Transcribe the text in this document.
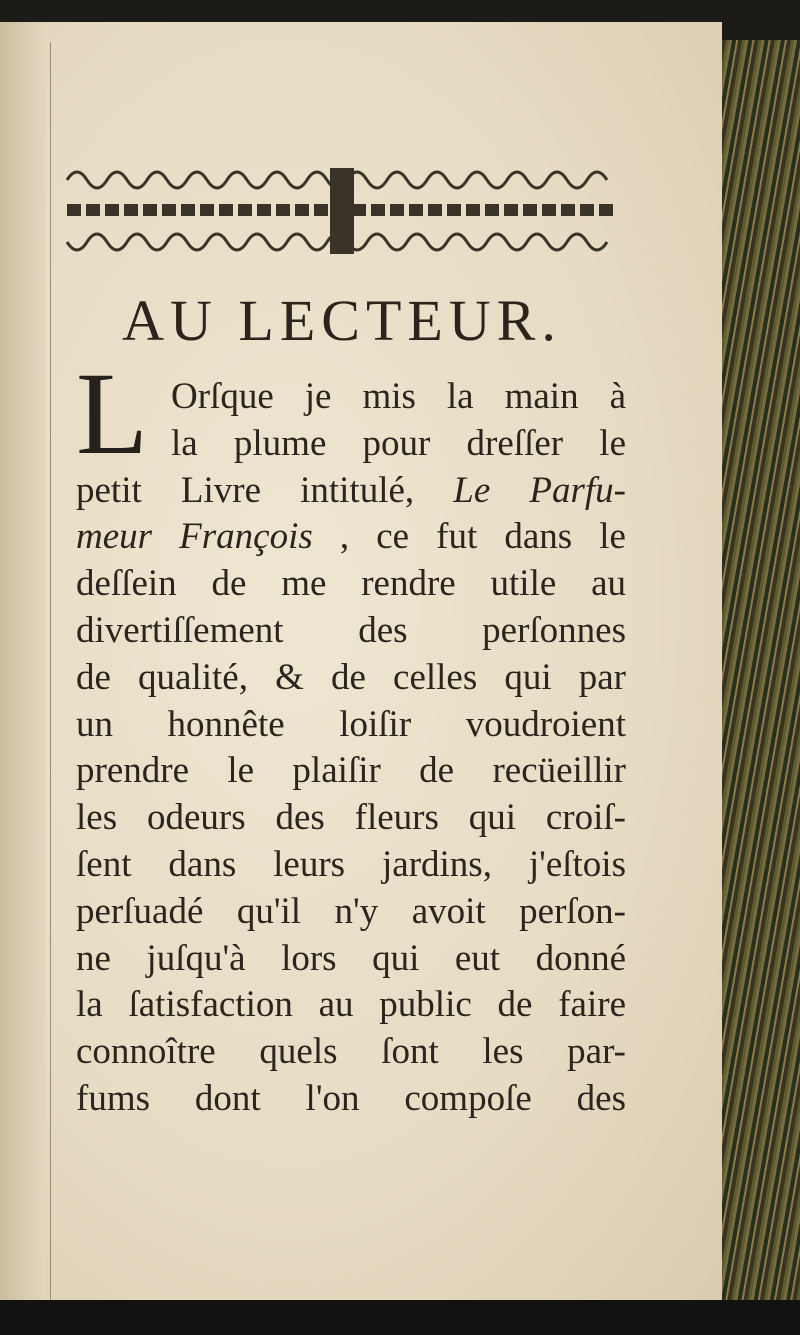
AU LECTEUR.
L Orſque je mis la main à
la plume pour dreſſer le
petit Livre intitulé, Le Parfu-
meur François , ce fut dans le
deſſein de me rendre utile au
divertiſſement des perſonnes
de qualité, & de celles qui par
un honnête loiſir voudroient
prendre le plaiſir de recüeillir
les odeurs des fleurs qui croiſ-
ſent dans leurs jardins, j'eſtois
perſuadé qu'il n'y avoit perſon-
ne juſqu'à lors qui eut donné
la ſatisfaction au public de faire
connoître quels ſont les par-
fums dont l'on compoſe des
